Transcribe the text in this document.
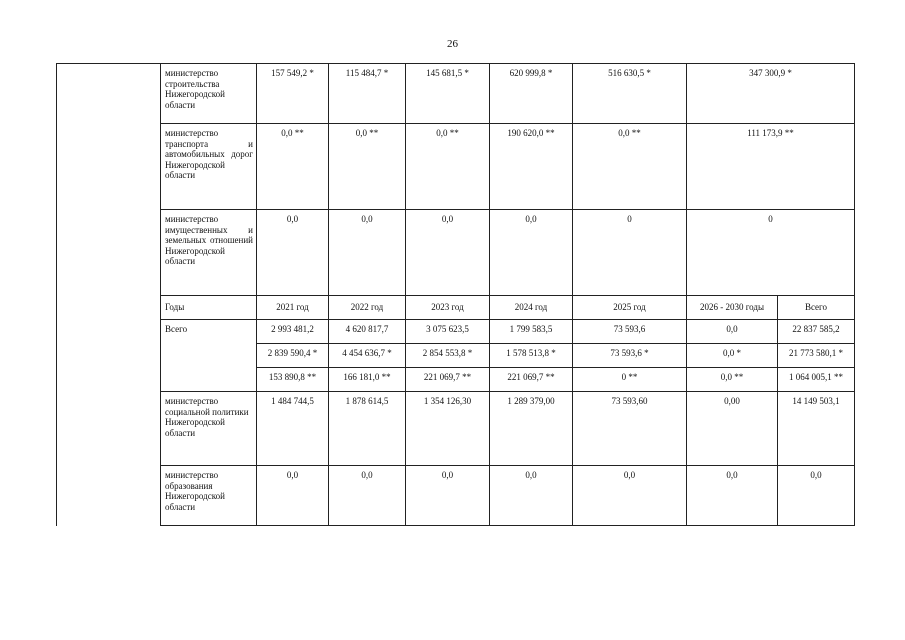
26
министерство строительства Нижегородской области	157 549,2 *	115 484,7 *	145 681,5 *	620 999,8 *	516 630,5 *	347 300,9 *	
министерство транспорта и автомобильных дорог Нижегородской области	0,0 **	0,0 **	0,0 **	190 620,0 **	0,0 **	111 173,9 **	
министерство имущественных и земельных отношений Нижегородской области	0,0	0,0	0,0	0,0	0	0	
Годы	2021 год	2022 год	2023 год	2024 год	2025 год	2026 - 2030 годы	Всего
Всего	2 993 481,2	4 620 817,7	3 075 623,5	1 799 583,5	73 593,6	0,0	22 837 585,2
	2 839 590,4 *	4 454 636,7 *	2 854 553,8 *	1 578 513,8 *	73 593,6 *	0,0 *	21 773 580,1 *
	153 890,8 **	166 181,0 **	221 069,7 **	221 069,7 **	0 **	0,0 **	1 064 005,1 **
министерство социальной политики Нижегородской области	1 484 744,5	1 878 614,5	1 354 126,30	1 289 379,00	73 593,60	0,00	14 149 503,1
министерство образования Нижегородской области	0,0	0,0	0,0	0,0	0,0	0,0	0,0
